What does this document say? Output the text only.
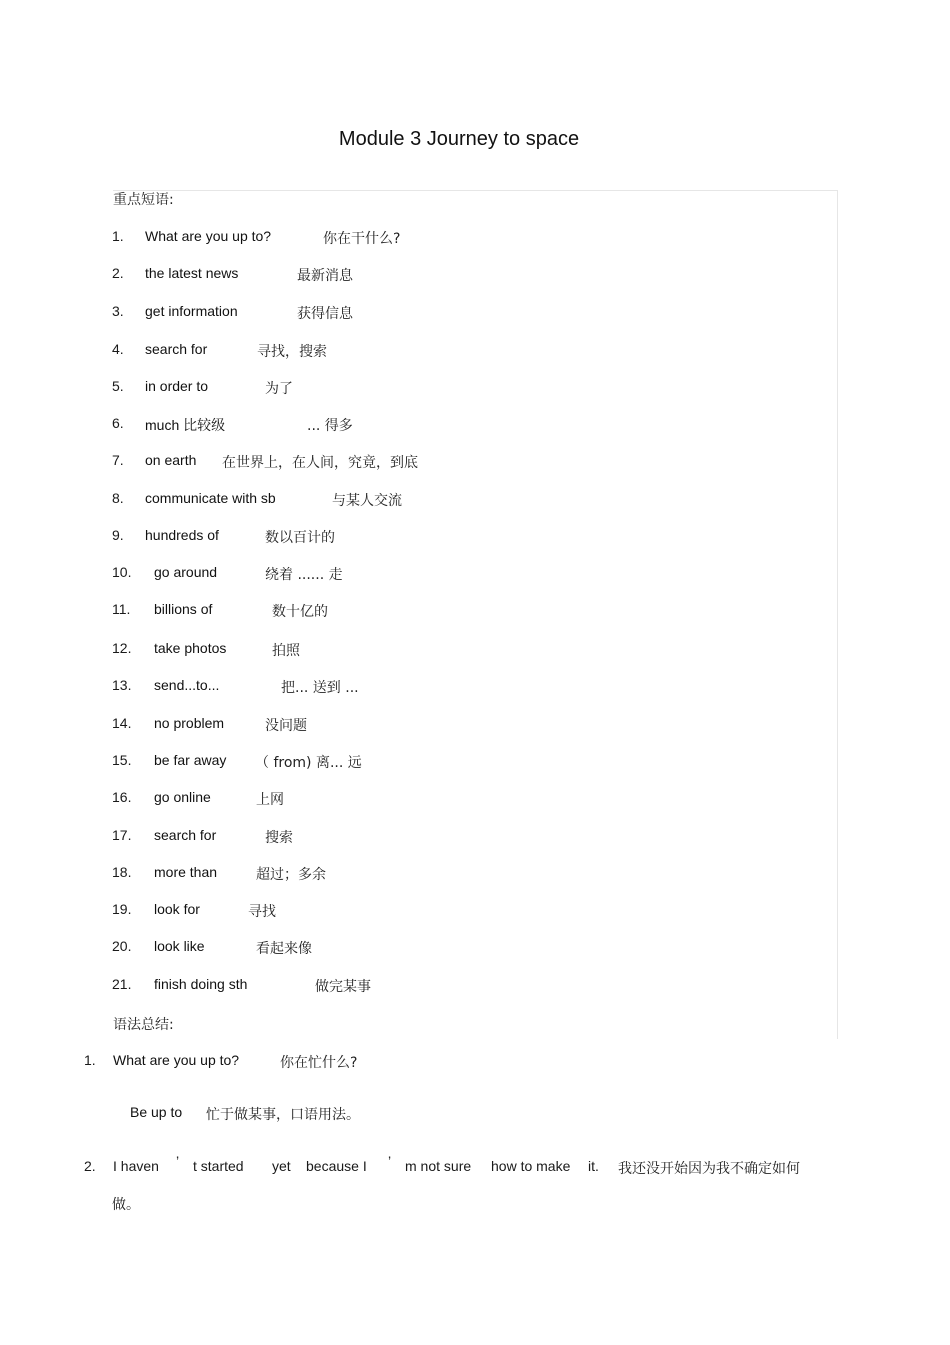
Module 3 Journey to space
重点短语:
1. What are you up to?	你在干什么?
2. the latest news	最新消息
3. get information	获得信息
4. search for	寻找，搜索
5. in order to	为了
6. much 比较级	... 得多
7. on earth 在世界上，在人间，究竟，到底
8. communicate with sb	与某人交流
9. hundreds of	数以百计的
10. go around	绕着 ...... 走
11. billions of	数十亿的
12. take photos	拍照
13. send...to...	把... 送到 ...
14. no problem	没问题
15. be far away （ from) 离... 远
16. go online	上网
17. search for	搜索
18. more than	超过；多余
19. look for	寻找
20. look like	看起来像
21. finish doing sth	做完某事
语法总结:
1. What are you up to?	你在忙什么?
Be up to 忙于做某事，口语用法。
2. I haven ’ t started yet because I ’ m not sure how to make it. 我还没开始因为我不确定如何
做。
